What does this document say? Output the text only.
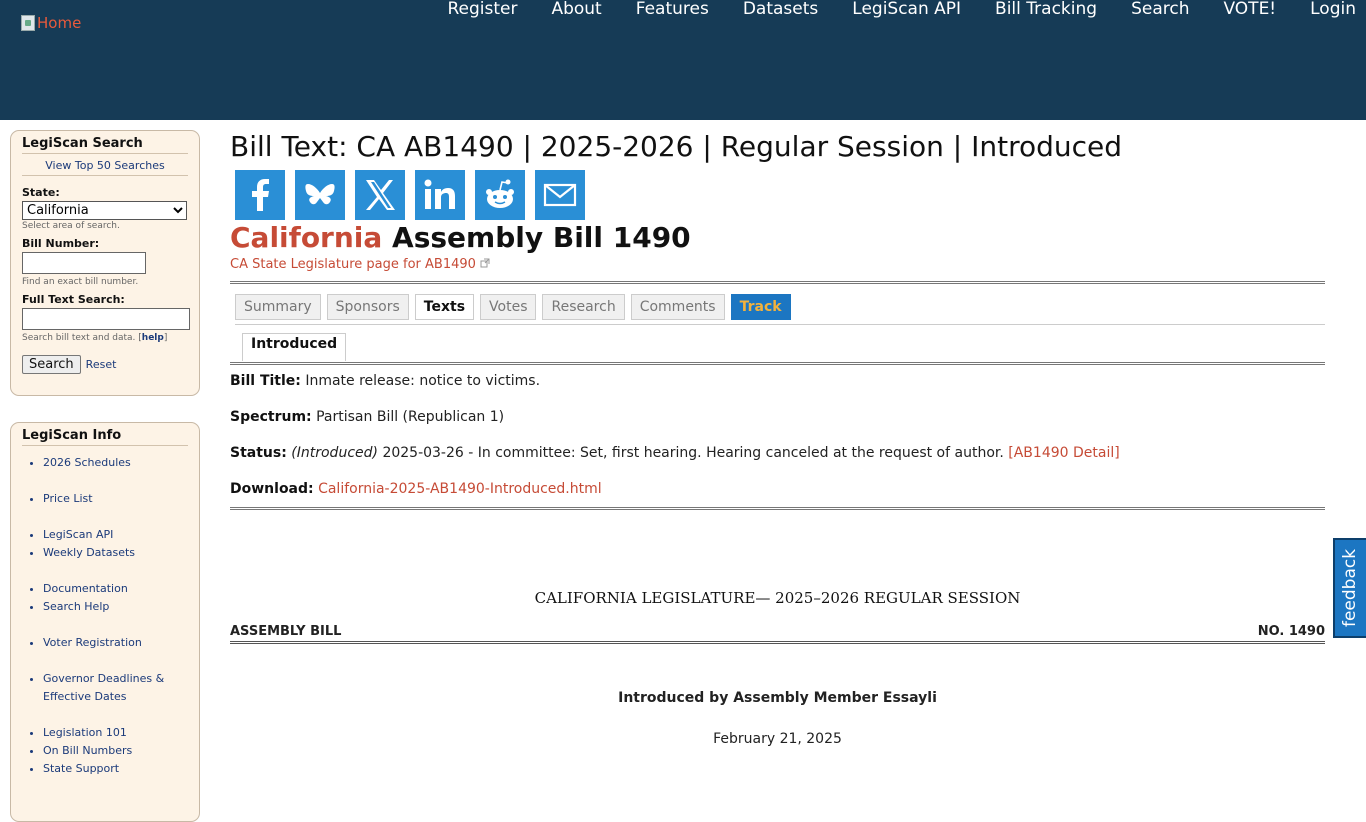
Home
Register	About	Features	Datasets	LegiScan API	Bill Tracking	Search	VOTE!	Login
LegiScan Search
View Top 50 Searches
State:
California
Select area of search.
Bill Number:
Find an exact bill number.
Full Text Search:
Search bill text and data. [help]
Search	Reset
LegiScan Info
• 2026 Schedules
• Price List
• LegiScan API
• Weekly Datasets
• Documentation
• Search Help
• Voter Registration
• Governor Deadlines & Effective Dates
• Legislation 101
• On Bill Numbers
• State Support
Bill Text: CA AB1490 | 2025-2026 | Regular Session | Introduced
California Assembly Bill 1490
CA State Legislature page for AB1490
Summary	Sponsors	Texts	Votes	Research	Comments	Track
Introduced

Bill Title: Inmate release: notice to victims.

Spectrum: Partisan Bill (Republican 1)

Status: (Introduced) 2025-03-26 - In committee: Set, first hearing. Hearing canceled at the request of author. [AB1490 Detail]

Download: California-2025-AB1490-Introduced.html

CALIFORNIA LEGISLATURE— 2025–2026 REGULAR SESSION
ASSEMBLY BILL	NO. 1490
Introduced by Assembly Member Essayli
February 21, 2025
feedback
